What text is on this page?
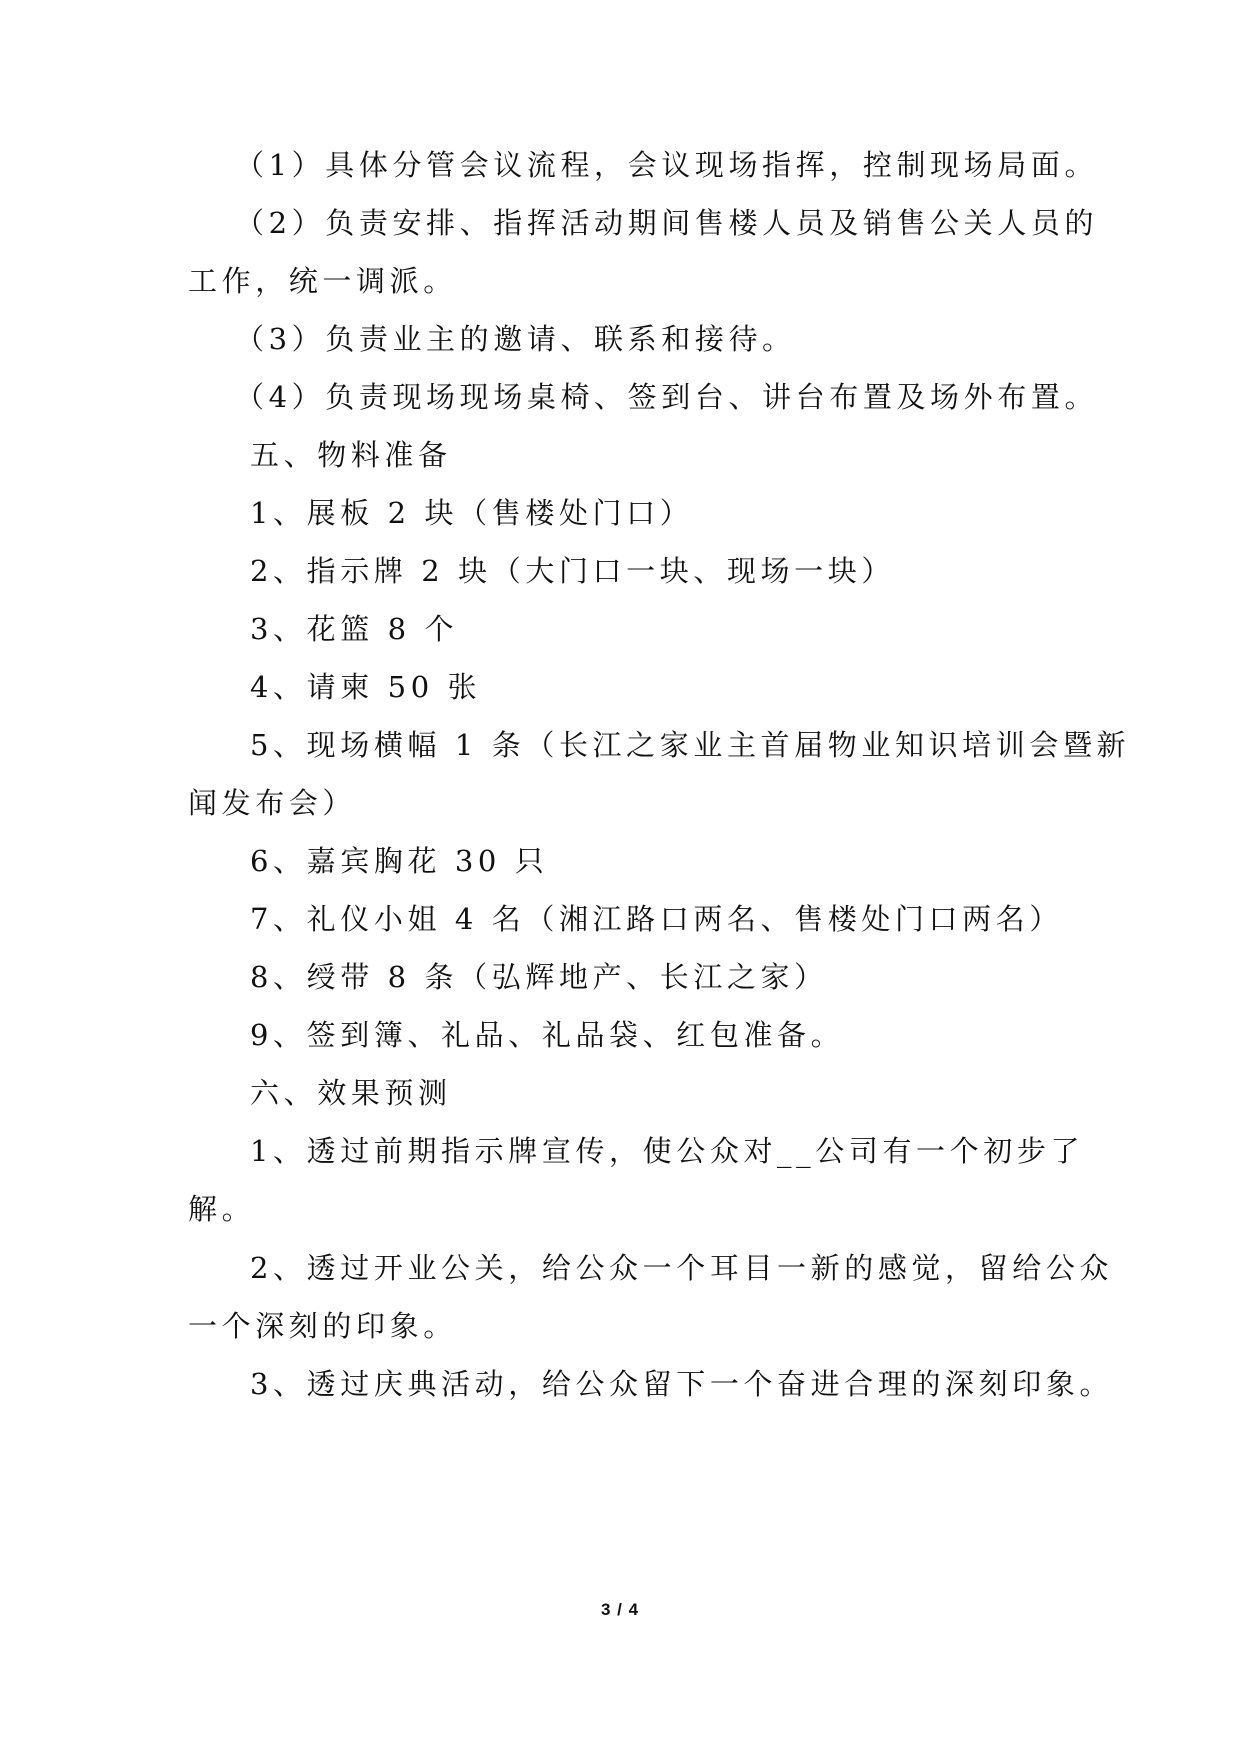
（1）具体分管会议流程，会议现场指挥，控制现场局面。
（2）负责安排、指挥活动期间售楼人员及销售公关人员的
工作，统一调派。
（3）负责业主的邀请、联系和接待。
（4）负责现场现场桌椅、签到台、讲台布置及场外布置。
五、物料准备
1、展板 2 块（售楼处门口）
2、指示牌 2 块（大门口一块、现场一块）
3、花篮 8 个
4、请柬 50 张
5、现场横幅 1 条（长江之家业主首届物业知识培训会暨新
闻发布会）
6、嘉宾胸花 30 只
7、礼仪小姐 4 名（湘江路口两名、售楼处门口两名）
8、绶带 8 条（弘辉地产、长江之家）
9、签到簿、礼品、礼品袋、红包准备。
六、效果预测
1、透过前期指示牌宣传，使公众对__公司有一个初步了
解。
2、透过开业公关，给公众一个耳目一新的感觉，留给公众
一个深刻的印象。
3、透过庆典活动，给公众留下一个奋进合理的深刻印象。
3 / 4
